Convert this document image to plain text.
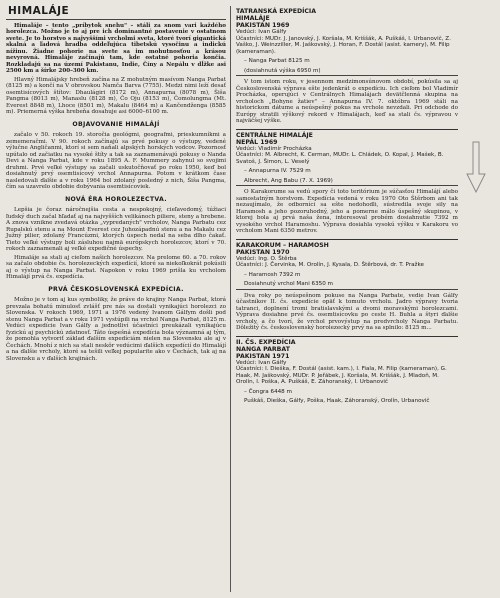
HIMALÁJE

Himaláje – tento „príbytok snehu" – stáli za snom vari každého horolezca. Možno je to aj pre ich dominantné postavenie v ostatnom svete. Je to horstvo s najvyššími vrcholmi sveta, ktoré tvorí gigantická skalná a ľadová hradba oddeľujúca tibetskú vysočinu a indickú nížinu. Žiadne pohorie na svete sa im mohutnosťou a krásou nevyrovná. Himaláje začínajú tam, kde ostatné pohoria končia. Rozkladajú sa na území Pakistanu, Indie, Číny a Nepálu v dĺžke asi 2500 km a šírke 200–300 km.

Hlavný Himalájsky hrebeň začína na Z mohutným masívom Nanga Parbat (8125 m) a končí na V obrovskou Namča Barva (7755). Medzi nimi leží desať osemtisícových štítov: Dhaulágiri (8172 m), Annapurna (8078 m), Šiša Pangma (8013 m), Manaslu (8128 m), Čo Oju (8153 m), Čomolungma (Mt. Everest 8848 m), Lhoce (8501 m), Makalu (8464 m) a Kančendženga (8585 m). Priemerná výška hrebeňa dosahuje asi 6000–6100 m.

OBJAVOVANIE HIMALÁJÍ

začalo v 50. rokoch 19. storočia geológmi, geografmi, prieskumníkmi a zememeračmi. V 90. rokoch začínajú sa prvé pokusy o výstupy, vedené výlučne Angličanmi, ktorí si sem naňali alpských horských vodcov. Pozornosť upútalo od začiatku na vysoké štíty a tak sa zaznamenávajú pokusy o Nanda Devi a Nanga Parbat, kde v roku 1895 A. F. Mummery zahynul so svojimi druhmi. Prvé veľké výstupy sa začali uskutočňovať po roku 1950, keď bol dosiahnutý prvý osemtisícový vrchol Annapurna. Potom v krátkom čase nasledovali ďalšie a v roku 1964 bol zdolaný posledný z nich, Šiša Pangma, čím sa uzavrelo obdobie dobývania osemtisícoviek.

NOVÁ ÉRA HOROLEZECTVA.

Lepšia je čoraz náročnejšia cesta a nespokojný, cieľavedomý, túžiaci ľudský duch začal hľadať aj na najvyšších velikánoch piliere, steny a hrebene. A znova vznikne zvedavá otázka „vypredaných" vrcholov, Nanga Parbatu cez Rupalskú stenu a na Mount Everest cez Juhozápadnú stenu a na Makalu cez Južný pilier, zdolaný Francúzmi, ktorých úspech nedal na seba dlho čakať. Tieto veľké výstupy boli zásluhou najmä európskych horolezcov, ktorí v 70. rokoch zaznamenali aj veľké expedičné úspechy.

Himaláje sa stali aj cieľom našich horolezcov. Na prelome 60. a 70. rokov sa začalo obdobie čs. horolezeckých expedícií, ktoré sa niekoľkokrát pokúsili aj o výstup na Nanga Parbat. Napokon v roku 1969 prišla ku vrcholom Himalájí prvá čs. expedícia.

PRVÁ ČESKOSLOVENSKÁ EXPEDÍCIA.

Možno je v tom aj kus symboliky, že práve do krajiny Nanga Parbat, ktorá prevzala bohatú minulosť zvlášť pre nás sa dostali vynikajúci horolezci zo Slovenska. V rokoch 1969, 1971 a 1976 vedený Ivanom Gálfym došli pod stenu Nanga Parbat a v roku 1971 vystúpili na vrchol Nanga Parbat, 8125 m. Vedúci expedície Ivan Gálfy a jednotliví účastníci preukázali vynikajúcu fyzickú aj psychickú zdatnosť. Táto úspešná expedícia bola významná aj tým, že pomohla vytvoriť základ ďalším expedíciám nielen na Slovensku ale aj v Čechách. Mnohí z nich sa stali neskôr vedúcimi ďalších expedícií do Himalájí a na ďalšie vrcholy, ktoré sa tešili veľkej popularite ako v Čechách, tak aj na Slovensku a v ďalších krajinách.

TATRANSKÁ EXPEDÍCIA
HIMALÁJE
PAKISTAN 1969
Vedúci: Ivan Gálfy
Účastníci: MUDr. J. Janovský, J. Koršala, M. Kriššák, A. Puškáš, I. Urbanovič, Z. Vaško, J. Weinzziller, M. Jaškovský, J. Horan, F. Dostál (asist. kamery), M. Filip (kameraman).
– Nanga Parbat 8125 m
(dosiahnutá výška 6950 m)

V tom istom roku, v jesennom medzimonsúnovom období, pokúsila sa aj Československá výprava ešte jedenkrát o expedíciu. Ich cieľom bol Vladimír Procházka, operujúci v Centrálnych Himalájach devätčlenná skupina na vrcholoch „Bohyne žatiev" – Annapurna IV. 7. októbra 1969 stáli na historickom dátume a neúspešný pokus na vrchole nevzdali. Pri odchode do Európy stratili výškový rekord v Himalájach, keď sa stali čs. výpravou v najväčšej výške.

CENTRÁLNE HIMALÁJE
NEPÁL 1969
Vedúci: Vladimír Procházka
Účastníci: M. Albrecht, K. Cerman, MUDr. L. Chládek, O. Kopal, J. Mašek, B. Svatoš, J. Šimon, L. Veselý
– Annapurna IV. 7529 m
Albrecht, Ang Babu (7. X. 1969)

O Karakorume sa vedú spory či toto teritórium je súčasťou Himalájí alebo samostatným horstvom. Expedícia vedená v roku 1970 Oto Štěrbom ani tak nezaujímalo, že odborníci sa ešte nedohodli, sústredila svoje sily na Haramosh a jeho pozoruhodný, jeho a pomerne málo úspešný skupinou, v ktorej bola aj prvá naša žena, interesoval probém dosiahnutie 7392 m vysokého vrchol Haramoshu. Výprava dosiahla vysokú výšku v Karakoru vo vrcholom Mani 6350 metrov.

KARAKORUM – HARAMOSH
PAKISTAN 1970
Vedúci: Ing. O. Štěrba
Účastníci: J. Červinka, M. Orolín, J. Kysala, D. Štěrbová, dr. T. Pražke
– Haramosh 7392 m
Dosiahnutý vrchol Mani 6350 m

Dva roky po neúspešnom pokuse na Nanga Parbate, vedie Ivan Gálfy účastníkov II. čs. expedície opäť k tomuto vrcholu. Jadro výpravy tvoria tatranci, doplnení tromi bratislavskými a dvomi moravskými horolezcami. Výprava dosiahne prvé čs. osemtisícovku po ceste H. Buhla a štyri ďalšie vrcholy, a čo tvorí, že vrchol prvovýstup na predvrcholy Nanga Parbatu. Dôležitý čs. československý horolezecký prvý na sa splnilo: 8125 m...

II. ČS. EXPEDÍCIA
NANGA PARBAT
PAKISTAN 1971
Vedúci: Ivan Gálfy
Účastníci: I. Dieška, F. Dostál (asist. kam.), I. Fiala, M. Filip (kameraman), G. Haak, M. Jaškovský, MUDr. P. Jeřábek, J. Koršala, M. Kriššák, J. Mladoň, M. Orolín, I. Poška, A. Puškáš, E. Záhoranský, I. Urbanovič
– Čongra 6448 m
Puškáš, Dieška, Gálfy, Poška, Haak, Záhoranský, Orolín, Urbanovič
